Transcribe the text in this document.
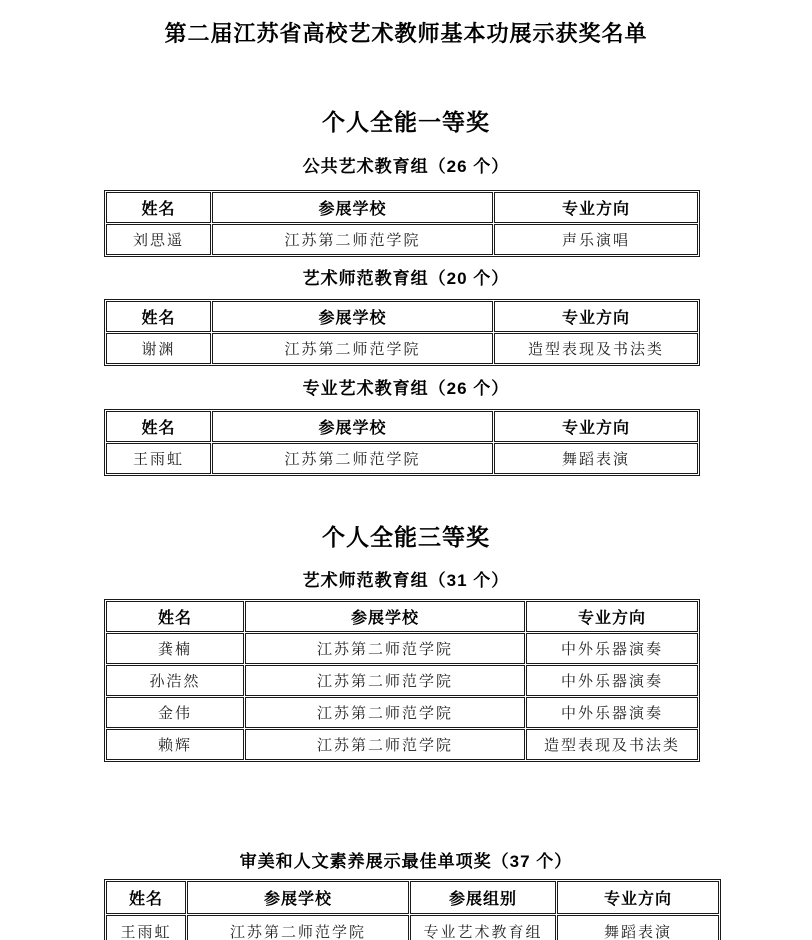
第二届江苏省高校艺术教师基本功展示获奖名单
个人全能一等奖
公共艺术教育组（26 个）
姓名	参展学校	专业方向
刘思遥	江苏第二师范学院	声乐演唱
艺术师范教育组（20 个）
姓名	参展学校	专业方向
谢渊	江苏第二师范学院	造型表现及书法类
专业艺术教育组（26 个）
姓名	参展学校	专业方向
王雨虹	江苏第二师范学院	舞蹈表演
个人全能三等奖
艺术师范教育组（31 个）
姓名	参展学校	专业方向
龚楠	江苏第二师范学院	中外乐器演奏
孙浩然	江苏第二师范学院	中外乐器演奏
金伟	江苏第二师范学院	中外乐器演奏
赖辉	江苏第二师范学院	造型表现及书法类
审美和人文素养展示最佳单项奖（37 个）
姓名	参展学校	参展组别	专业方向
王雨虹	江苏第二师范学院	专业艺术教育组	舞蹈表演
